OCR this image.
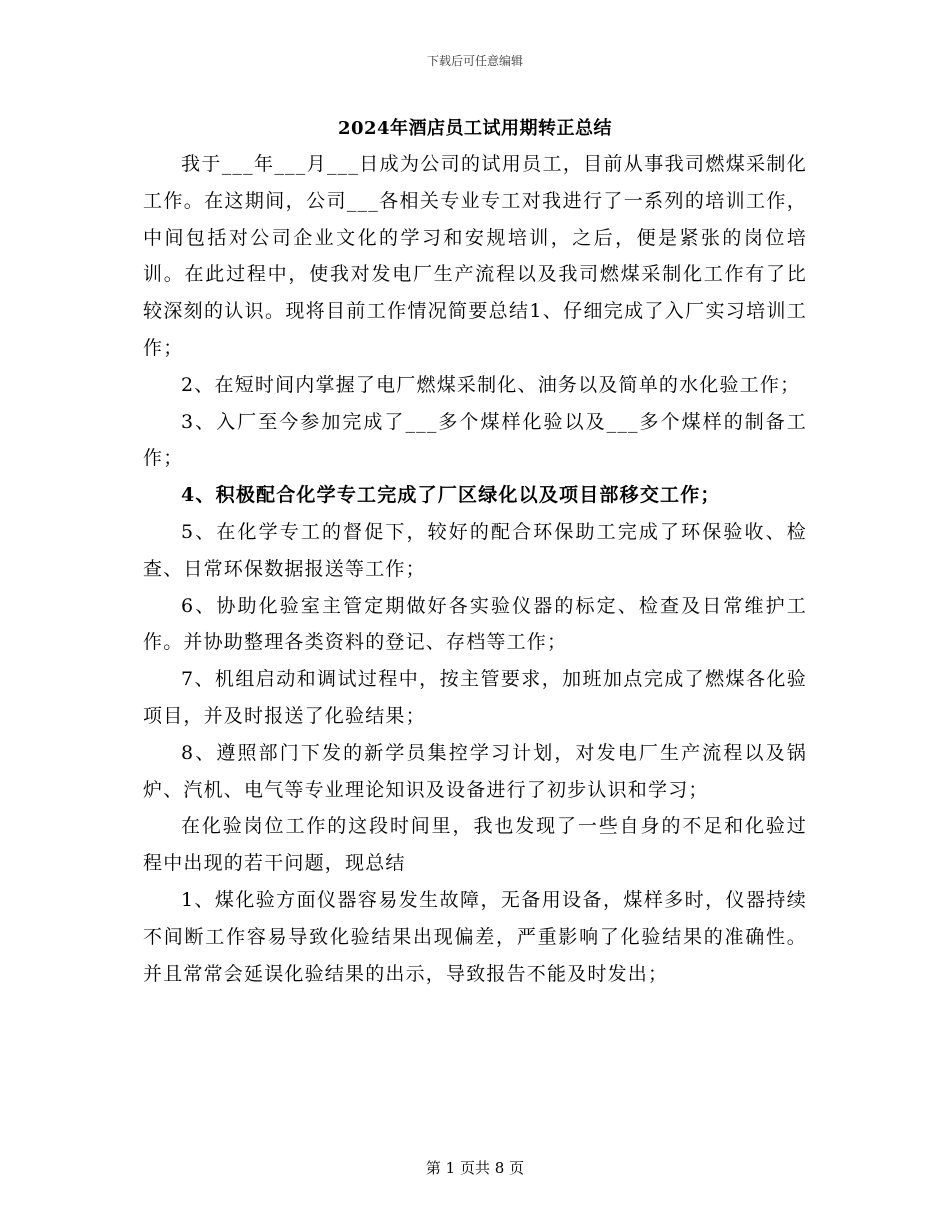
下载后可任意编辑
2024年酒店员工试用期转正总结

我于___年___月___日成为公司的试用员工，目前从事我司燃煤采制化工作。在这期间，公司___各相关专业专工对我进行了一系列的培训工作，中间包括对公司企业文化的学习和安规培训，之后，便是紧张的岗位培训。在此过程中，使我对发电厂生产流程以及我司燃煤采制化工作有了比较深刻的认识。现将目前工作情况简要总结1、仔细完成了入厂实习培训工作；

2、在短时间内掌握了电厂燃煤采制化、油务以及简单的水化验工作；

3、入厂至今参加完成了___多个煤样化验以及___多个煤样的制备工作；

4、积极配合化学专工完成了厂区绿化以及项目部移交工作；

5、在化学专工的督促下，较好的配合环保助工完成了环保验收、检查、日常环保数据报送等工作；

6、协助化验室主管定期做好各实验仪器的标定、检查及日常维护工作。并协助整理各类资料的登记、存档等工作；

7、机组启动和调试过程中，按主管要求，加班加点完成了燃煤各化验项目，并及时报送了化验结果；

8、遵照部门下发的新学员集控学习计划，对发电厂生产流程以及锅炉、汽机、电气等专业理论知识及设备进行了初步认识和学习；

在化验岗位工作的这段时间里，我也发现了一些自身的不足和化验过程中出现的若干问题，现总结

1、煤化验方面仪器容易发生故障，无备用设备，煤样多时，仪器持续不间断工作容易导致化验结果出现偏差，严重影响了化验结果的准确性。并且常常会延误化验结果的出示，导致报告不能及时发出；

第 1 页共 8 页
